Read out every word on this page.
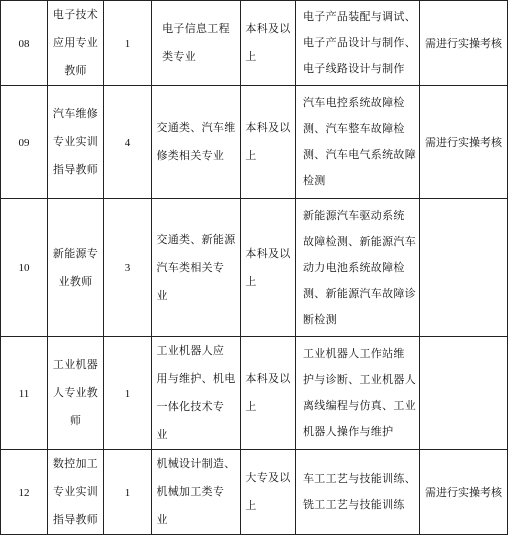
08	电子技术
应用专业
教师	1	电子信息工程
类专业	本科及以
上	电子产品装配与调试、
电子产品设计与制作、
电子线路设计与制作	需进行实操考核
09	汽车维修
专业实训
指导教师	4	交通类、汽车维
修类相关专业	本科及以
上	汽车电控系统故障检
测、汽车整车故障检
测、汽车电气系统故障
检测	需进行实操考核
10	新能源专
业教师	3	交通类、新能源
汽车类相关专
业	本科及以
上	新能源汽车驱动系统
故障检测、新能源汽车
动力电池系统故障检
测、新能源汽车故障诊
断检测	

11	工业机器
人专业教
师	1	工业机器人应
用与维护、机电
一体化技术专
业	本科及以
上	工业机器人工作站维
护与诊断、工业机器人
离线编程与仿真、工业
机器人操作与维护	

12	数控加工
专业实训
指导教师	1	机械设计制造、
机械加工类专
业	大专及以
上	车工工艺与技能训练、
铣工工艺与技能训练	需进行实操考核
